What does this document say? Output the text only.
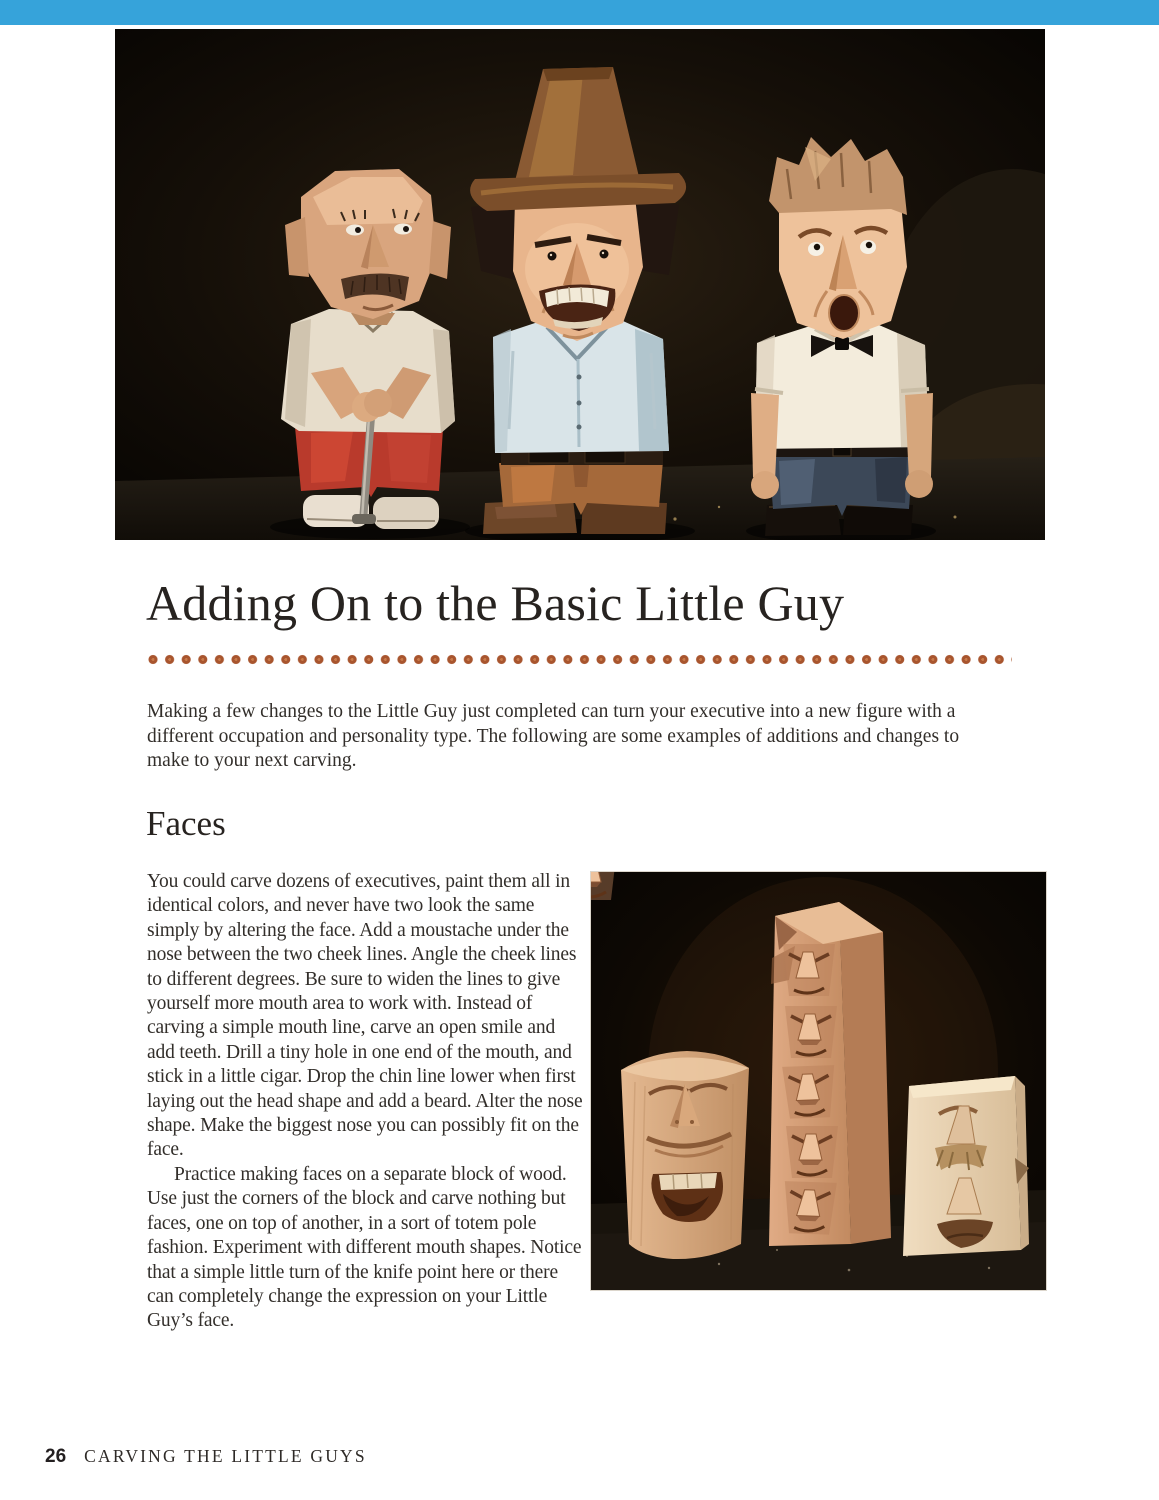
Adding On to the Basic Little Guy

Making a few changes to the Little Guy just completed can turn your executive into a new figure with a different occupation and personality type. The following are some examples of additions and changes to make to your next carving.

Faces

You could carve dozens of executives, paint them all in identical colors, and never have two look the same simply by altering the face. Add a moustache under the nose between the two cheek lines. Angle the cheek lines to different degrees. Be sure to widen the lines to give yourself more mouth area to work with. Instead of carving a simple mouth line, carve an open smile and add teeth. Drill a tiny hole in one end of the mouth, and stick in a little cigar. Drop the chin line lower when first laying out the head shape and add a beard. Alter the nose shape. Make the biggest nose you can possibly fit on the face.

Practice making faces on a separate block of wood. Use just the corners of the block and carve nothing but faces, one on top of another, in a sort of totem pole fashion. Experiment with different mouth shapes. Notice that a simple little turn of the knife point here or there can completely change the expression on your Little Guy’s face.

26 CARVING THE LITTLE GUYS
